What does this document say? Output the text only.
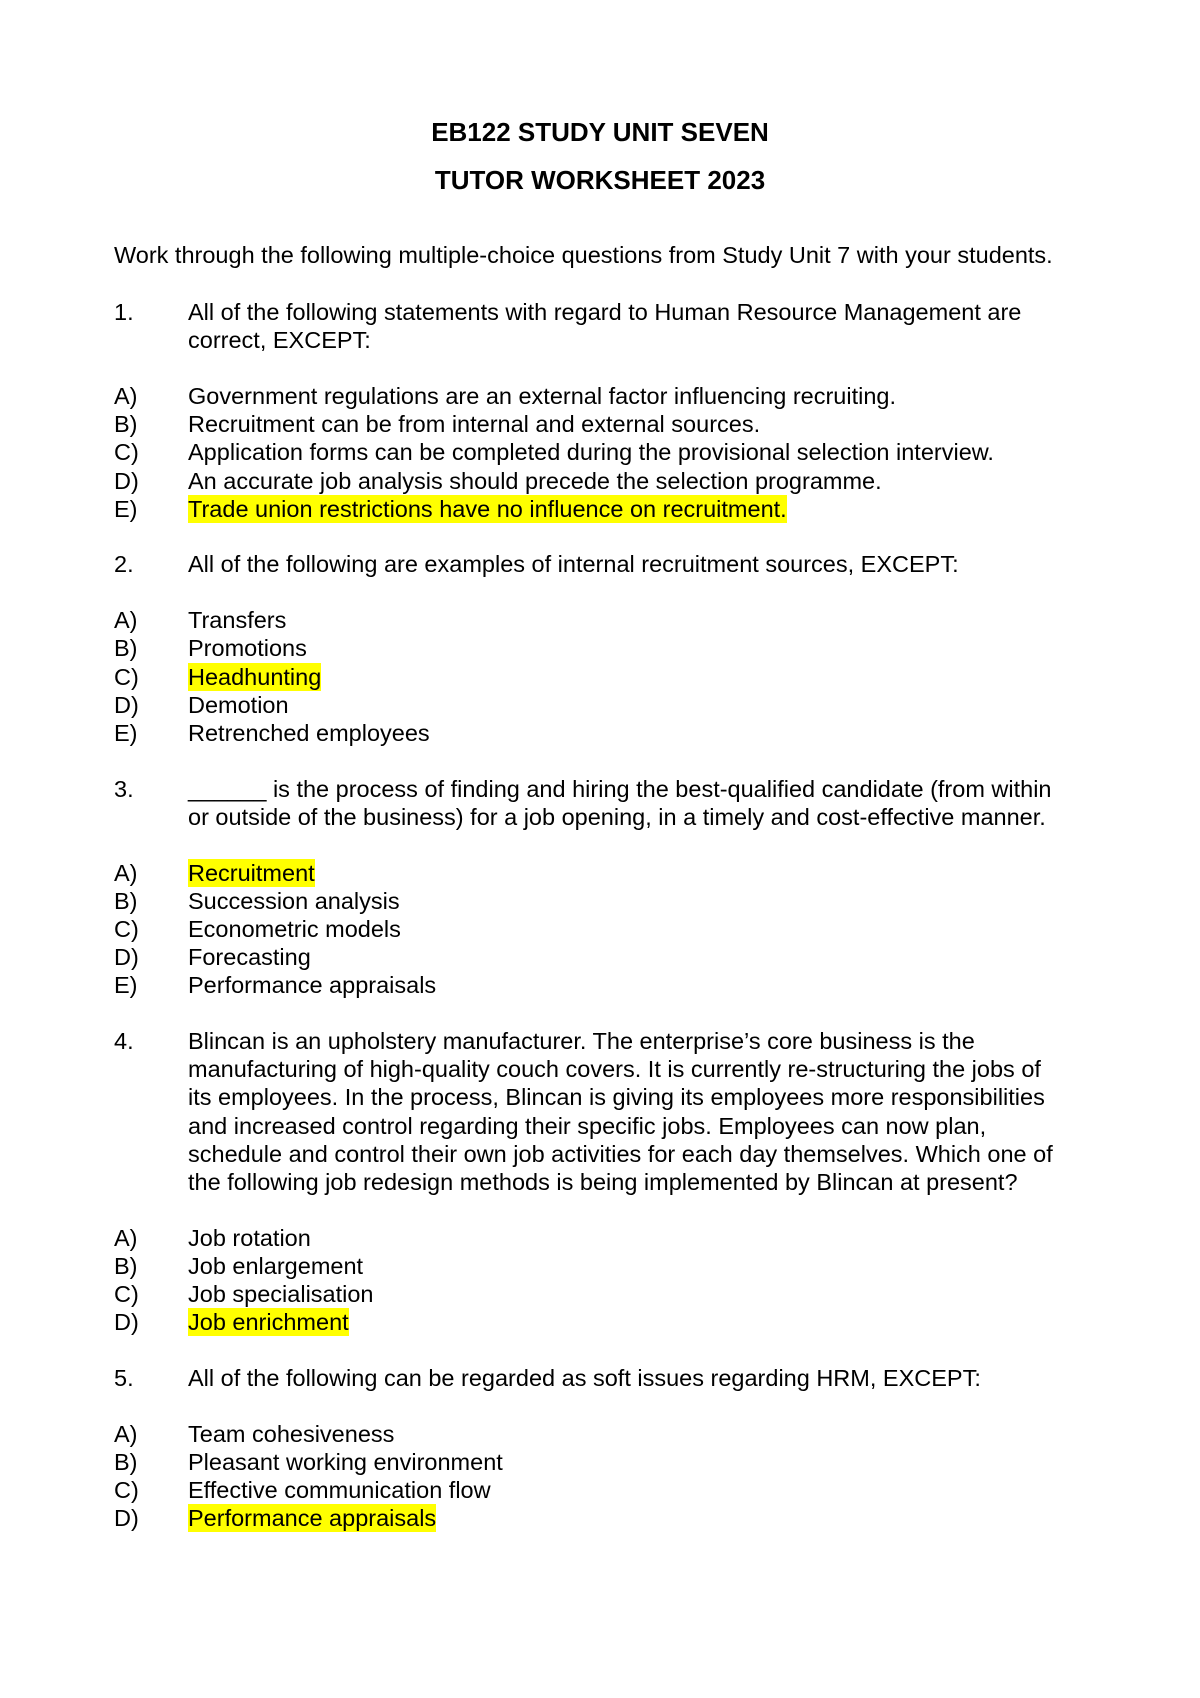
EB122 STUDY UNIT SEVEN
TUTOR WORKSHEET 2023
Work through the following multiple-choice questions from Study Unit 7 with your students.
1. All of the following statements with regard to Human Resource Management are
correct, EXCEPT:
A) Government regulations are an external factor influencing recruiting.
B) Recruitment can be from internal and external sources.
C) Application forms can be completed during the provisional selection interview.
D) An accurate job analysis should precede the selection programme.
E) Trade union restrictions have no influence on recruitment.
2. All of the following are examples of internal recruitment sources, EXCEPT:
A) Transfers
B) Promotions
C) Headhunting
D) Demotion
E) Retrenched employees
3. ______ is the process of finding and hiring the best-qualified candidate (from within
or outside of the business) for a job opening, in a timely and cost-effective manner.
A) Recruitment
B) Succession analysis
C) Econometric models
D) Forecasting
E) Performance appraisals
4. Blincan is an upholstery manufacturer. The enterprise’s core business is the
manufacturing of high-quality couch covers. It is currently re-structuring the jobs of
its employees. In the process, Blincan is giving its employees more responsibilities
and increased control regarding their specific jobs. Employees can now plan,
schedule and control their own job activities for each day themselves. Which one of
the following job redesign methods is being implemented by Blincan at present?
A) Job rotation
B) Job enlargement
C) Job specialisation
D) Job enrichment
5. All of the following can be regarded as soft issues regarding HRM, EXCEPT:
A) Team cohesiveness
B) Pleasant working environment
C) Effective communication flow
D) Performance appraisals
